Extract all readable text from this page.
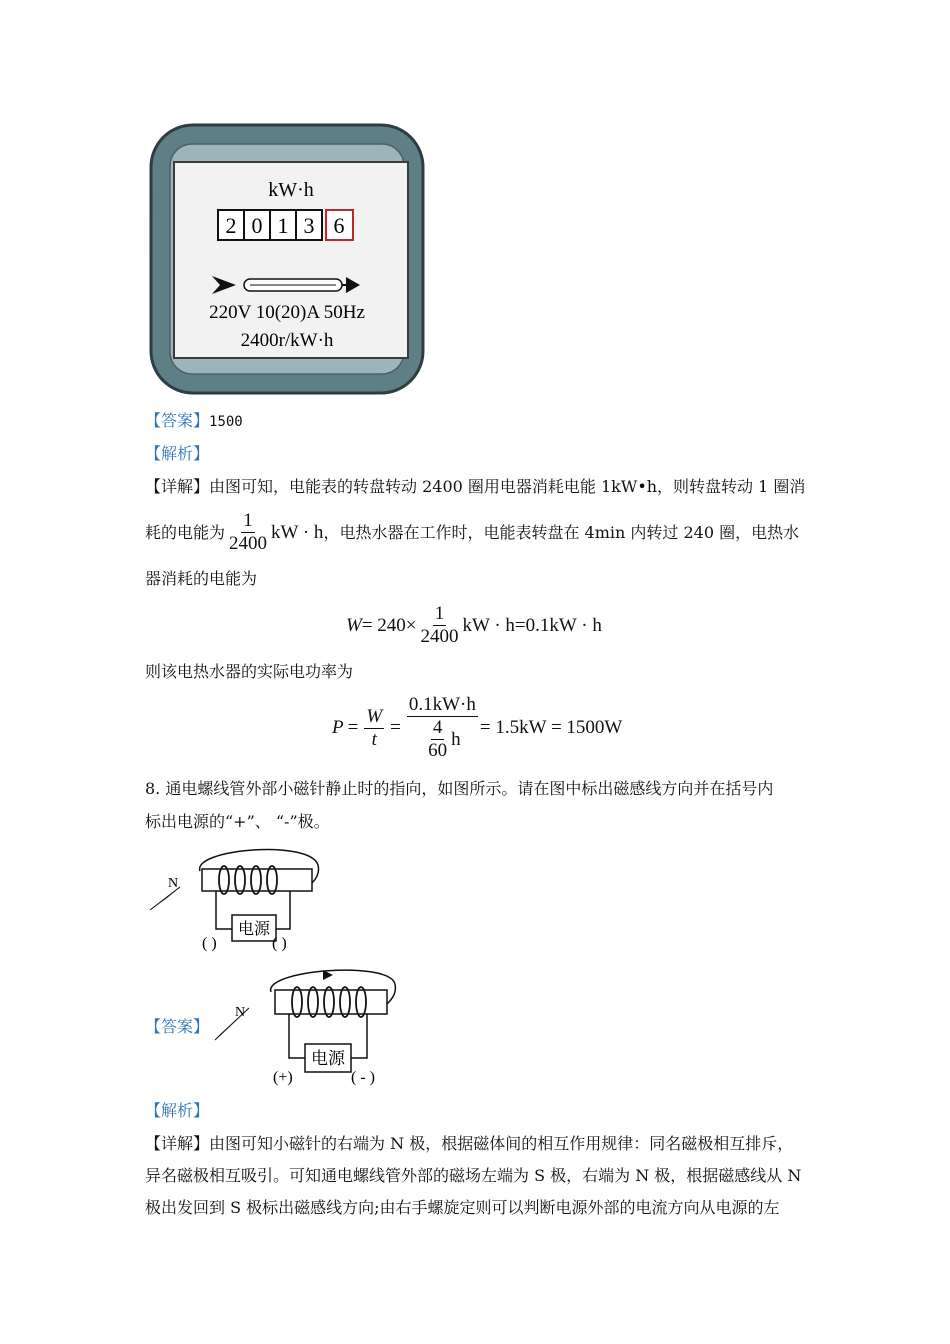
kW·h
2 0 1 3 6
220V 10(20)A 50Hz
2400r/kW·h
【答案】1500
【解析】
【详解】由图可知，电能表的转盘转动 2400 圈用电器消耗电能 1kW•h，则转盘转动 1 圈消
耗的电能为 $\frac{1}{2400}$ kW · h ，电热水器在工作时，电能表转盘在 4min 内转过 240 圈，电热水
器消耗的电能为
$W = 240\times \frac{1}{2400}$ kW · h=0.1kW · h
则该电热水器的实际电功率为
$P = \frac{W}{t} = \frac{0.1kW\cdot h}{\frac{4}{60} h} = 1.5kW = 1500W$
8. 通电螺线管外部小磁针静止时的指向，如图所示。请在图中标出磁感线方向并在括号内
标出电源的“+”、 “-”极。
电源
( )	( )
N
【答案】
电源
(+)	( - )
N
【解析】
【详解】由图可知小磁针的右端为 N 极，根据磁体间的相互作用规律：同名磁极相互排斥，
异名磁极相互吸引。可知通电螺线管外部的磁场左端为 S 极，右端为 N 极，根据磁感线从 N
极出发回到 S 极标出磁感线方向;由右手螺旋定则可以判断电源外部的电流方向从电源的左
